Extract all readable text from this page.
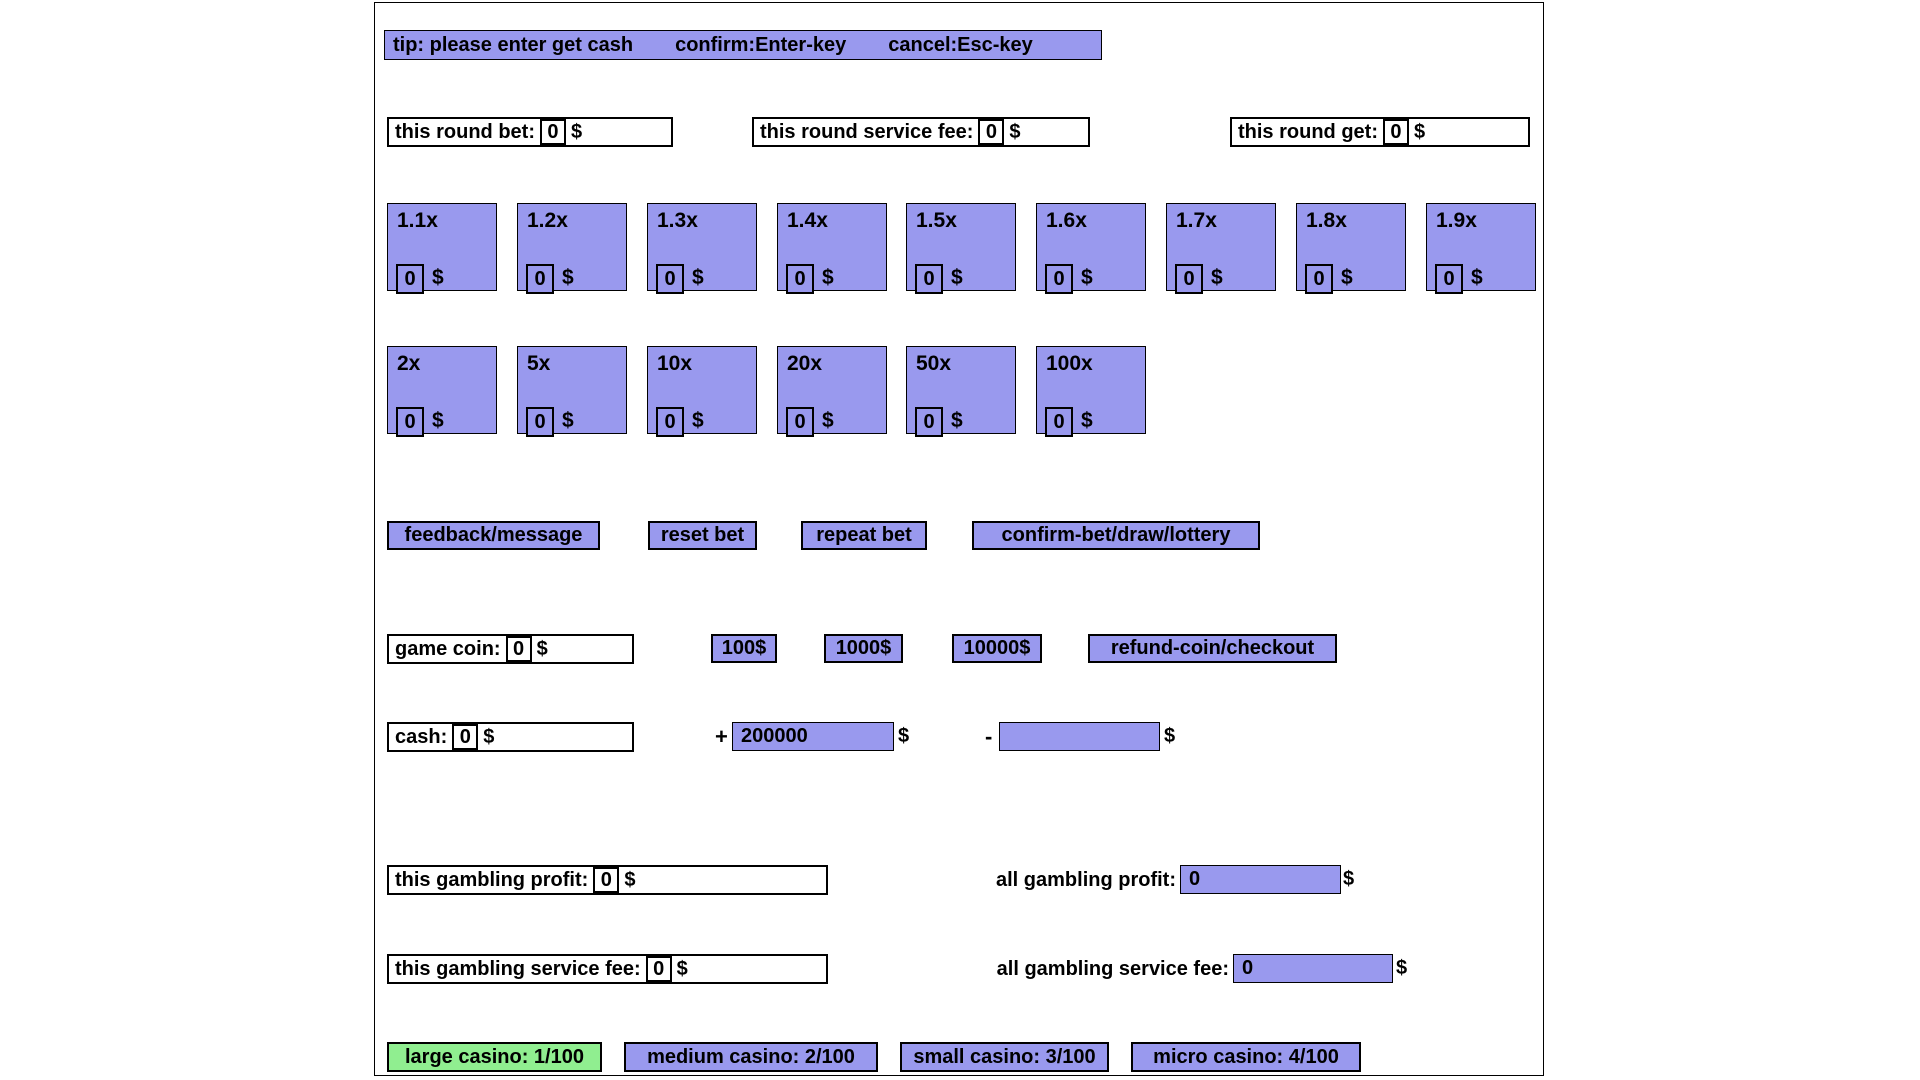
tip: please enter get cash confirm:Enter-key cancel:Esc-key
this round bet: 0 $	this round service fee: 0 $	this round get: 0 $
1.1x
0 $
1.2x
0 $
1.3x
0 $
1.4x
0 $
1.5x
0 $
1.6x
0 $
1.7x
0 $
1.8x
0 $
1.9x
0 $
2x
0 $
5x
0 $
10x
0 $
20x
0 $
50x
0 $
100x
0 $
feedback/message	reset bet	repeat bet	confirm-bet/draw/lottery
game coin: 0 $	100$	1000$	10000$	refund-coin/checkout
cash: 0 $	+ 200000	$	-	$
this gambling profit: 0 $	all gambling profit: 0	$
this gambling service fee: 0 $	all gambling service fee: 0	$
large casino: 1/100	medium casino: 2/100	small casino: 3/100	micro casino: 4/100
